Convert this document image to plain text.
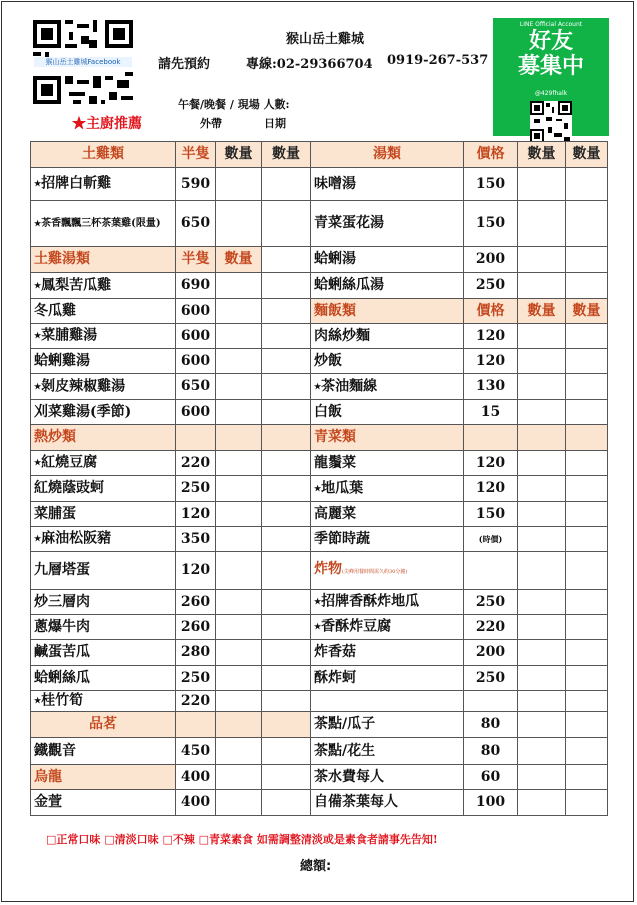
猴山岳土雞城Facebook
猴山岳土雞城
請先預約	專線:02-29366704 0919-267-537
午餐/晚餐 / 現場 人數:
外帶	日期
★主廚推薦
LINE Official Account
好友
募集中
@429fhalk
土雞類	半隻	數量	數量	湯類	價格	數量	數量
★招牌白斬雞	590			味噌湯	150		
★茶香飄飄三杯茶葉雞(限量)	650			青菜蛋花湯	150		
土雞湯類	半隻	數量		蛤蜊湯	200		
★鳳梨苦瓜雞	690			蛤蜊絲瓜湯	250		
冬瓜雞	600			麵飯類	價格	數量	數量
★菜脯雞湯	600			肉絲炒麵	120		
蛤蜊雞湯	600			炒飯	120		
★剝皮辣椒雞湯	650			★茶油麵線	130		
刈菜雞湯(季節)	600			白飯	15		
熱炒類				青菜類			
★紅燒豆腐	220			龍鬚菜	120		
紅燒蔭豉蚵	250			★地瓜葉	120		
菜脯蛋	120			高麗菜	150		
★麻油松阪豬	350			季節時蔬	(時價)		
九層塔蛋	120			炸物(尖峰用餐時間需久約30分鐘)			
炒三層肉	260			★招牌香酥炸地瓜	250		
蔥爆牛肉	260			★香酥炸豆腐	220		
鹹蛋苦瓜	280			炸香菇	200		
蛤蜊絲瓜	250			酥炸蚵	250		
★桂竹筍	220						
品茗				茶點/瓜子	80		
鐵觀音	450			茶點/花生	80		
烏龍	400			茶水費每人	60		
金萱	400			自備茶葉每人	100		
□正常口味 □清淡口味 □不辣 □青菜素食 如需調整清淡或是素食者請事先告知!
總額:
